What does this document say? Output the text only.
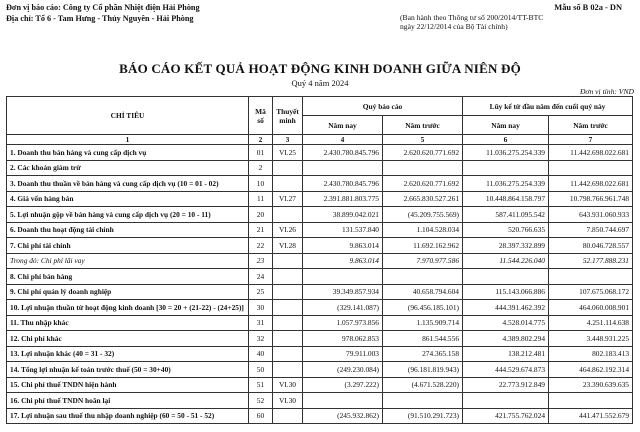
Đơn vị báo cáo: Công ty Cổ phần Nhiệt điện Hải Phòng
Địa chỉ: Tổ 6 - Tam Hưng - Thủy Nguyên - Hải Phòng
Mẫu số B 02a - DN
(Ban hành theo Thông tư số 200/2014/TT-BTC
ngày 22/12/2014 của Bộ Tài chính)
BÁO CÁO KẾT QUẢ HOẠT ĐỘNG KINH DOANH GIỮA NIÊN ĐỘ
Quý 4 năm 2024
Đơn vị tính: VND
CHỈ TIÊU	Mã số	Thuyết minh	Quý báo cáo		Lũy kế từ đầu năm đến cuối quý này	
			Năm nay	Năm trước	Năm nay	Năm trước
1	2	3	4	5	6	7
1. Doanh thu bán hàng và cung cấp dịch vụ	01	VI.25	2.430.780.845.796	2.620.620.771.692	11.036.275.254.339	11.442.698.022.681
2. Các khoản giảm trừ	2					
3. Doanh thu thuần về bán hàng và cung cấp dịch vụ (10 = 01 - 02)	10		2.430.780.845.796	2.620.620.771.692	11.036.275.254.339	11.442.698.022.681
4. Giá vốn hàng bán	11	VI.27	2.391.881.803.775	2.665.830.527.261	10.448.864.158.797	10.798.766.961.748
5. Lợi nhuận gộp về bán hàng và cung cấp dịch vụ (20 = 10 - 11)	20		38.899.042.021	(45.209.755.569)	587.411.095.542	643.931.060.933
6. Doanh thu hoạt động tài chính	21	VI.26	131.537.840	1.104.528.034	520.766.635	7.850.744.697
7. Chi phí tài chính	22	VI.28	9.863.014	11.692.162.962	28.397.332.899	80.046.728.557
Trong đó: Chi phí lãi vay	23		9.863.014	7.970.977.586	11.544.226.040	52.177.888.231
8. Chi phí bán hàng	24					
9. Chi phí quản lý doanh nghiệp	25		39.349.857.934	40.658.794.604	115.143.066.886	107.675.068.172
10. Lợi nhuận thuần từ hoạt động kinh doanh [30 = 20 + (21-22) - (24+25)]	30		(329.141.087)	(96.456.185.101)	444.391.462.392	464.060.008.901
11. Thu nhập khác	31		1.057.973.856	1.135.909.714	4.528.014.775	4.251.114.638
12. Chi phí khác	32		978.062.853	861.544.556	4.389.802.294	3.448.931.225
13. Lợi nhuận khác (40 = 31 - 32)	40		79.911.003	274.365.158	138.212.481	802.183.413
14. Tổng lợi nhuận kế toán trước thuế (50 = 30+40)	50		(249.230.084)	(96.181.819.943)	444.529.674.873	464.862.192.314
15. Chi phí thuế TNDN hiện hành	51	VI.30	(3.297.222)	(4.671.528.220)	22.773.912.849	23.390.639.635
16. Chi phí thuế TNDN hoãn lại	52	VI.30				
17. Lợi nhuận sau thuế thu nhập doanh nghiệp (60 = 50 - 51 - 52)	60		(245.932.862)	(91.510.291.723)	421.755.762.024	441.471.552.679
